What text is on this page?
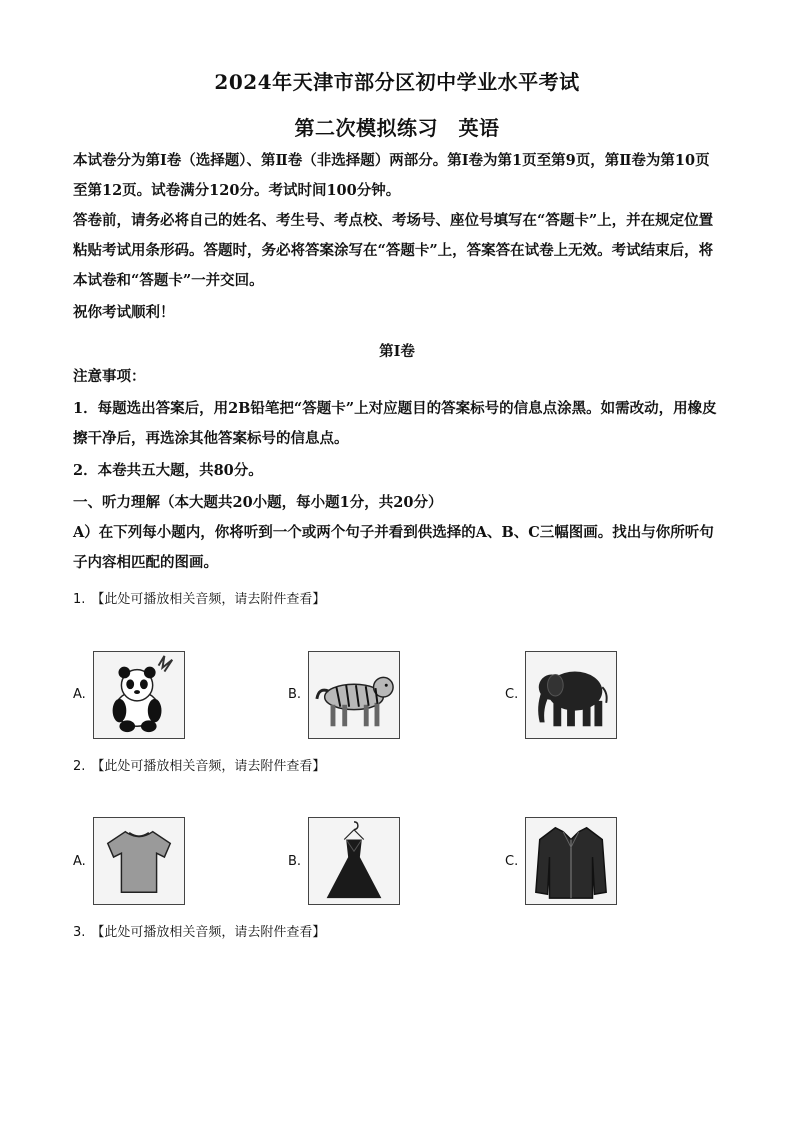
2024年天津市部分区初中学业水平考试
第二次模拟练习　英语
本试卷分为第Ⅰ卷（选择题）、第Ⅱ卷（非选择题）两部分。第Ⅰ卷为第1页至第9页，第Ⅱ卷为第10页至第12页。试卷满分120分。考试时间100分钟。
答卷前，请务必将自己的姓名、考生号、考点校、考场号、座位号填写在“答题卡”上，并在规定位置粘贴考试用条形码。答题时，务必将答案涂写在“答题卡”上，答案答在试卷上无效。考试结束后，将本试卷和“答题卡”一并交回。
祝你考试顺利！
第Ⅰ卷
注意事项：
1．每题选出答案后，用2B铅笔把“答题卡”上对应题目的答案标号的信息点涂黑。如需改动，用橡皮擦干净后，再选涂其他答案标号的信息点。
2．本卷共五大题，共80分。
一、听力理解（本大题共20小题，每小题1分，共20分）
A）在下列每小题内，你将听到一个或两个句子并看到供选择的A、B、C三幅图画。找出与你所听句子内容相匹配的图画。
1. 【此处可播放相关音频，请去附件查看】
A.	B.	C.
2. 【此处可播放相关音频，请去附件查看】
A.	B.	C.
3. 【此处可播放相关音频，请去附件查看】
